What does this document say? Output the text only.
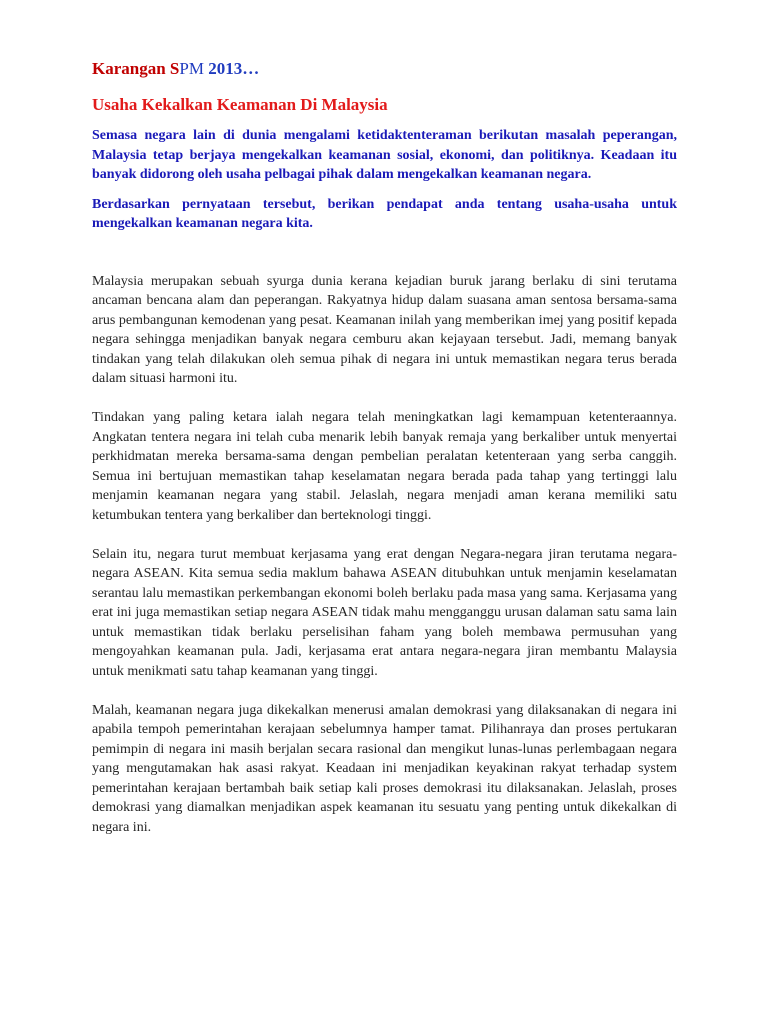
Karangan SPM 2013…
Usaha Kekalkan Keamanan Di Malaysia

Semasa negara lain di dunia mengalami ketidaktenteraman berikutan masalah peperangan, Malaysia tetap berjaya mengekalkan keamanan sosial, ekonomi, dan politiknya. Keadaan itu banyak didorong oleh usaha pelbagai pihak dalam mengekalkan keamanan negara.

Berdasarkan pernyataan tersebut, berikan pendapat anda tentang usaha-usaha untuk mengekalkan keamanan negara kita.

Malaysia merupakan sebuah syurga dunia kerana kejadian buruk jarang berlaku di sini terutama ancaman bencana alam dan peperangan. Rakyatnya hidup dalam suasana aman sentosa bersama-sama arus pembangunan kemodenan yang pesat. Keamanan inilah yang memberikan imej yang positif kepada negara sehingga menjadikan banyak negara cemburu akan kejayaan tersebut. Jadi, memang banyak tindakan yang telah dilakukan oleh semua pihak di negara ini untuk memastikan negara terus berada dalam situasi harmoni itu.

Tindakan yang paling ketara ialah negara telah meningkatkan lagi kemampuan ketenteraannya. Angkatan tentera negara ini telah cuba menarik lebih banyak remaja yang berkaliber untuk menyertai perkhidmatan mereka bersama-sama dengan pembelian peralatan ketenteraan yang serba canggih. Semua ini bertujuan memastikan tahap keselamatan negara berada pada tahap yang tertinggi lalu menjamin keamanan negara yang stabil. Jelaslah, negara menjadi aman kerana memiliki satu ketumbukan tentera yang berkaliber dan berteknologi tinggi.

Selain itu, negara turut membuat kerjasama yang erat dengan Negara-negara jiran terutama negara-negara ASEAN. Kita semua sedia maklum bahawa ASEAN ditubuhkan untuk menjamin keselamatan serantau lalu memastikan perkembangan ekonomi boleh berlaku pada masa yang sama. Kerjasama yang erat ini juga memastikan setiap negara ASEAN tidak mahu mengganggu urusan dalaman satu sama lain untuk memastikan tidak berlaku perselisihan faham yang boleh membawa permusuhan yang mengoyahkan keamanan pula. Jadi, kerjasama erat antara negara-negara jiran membantu Malaysia untuk menikmati satu tahap keamanan yang tinggi.

Malah, keamanan negara juga dikekalkan menerusi amalan demokrasi yang dilaksanakan di negara ini apabila tempoh pemerintahan kerajaan sebelumnya hamper tamat. Pilihanraya dan proses pertukaran pemimpin di negara ini masih berjalan secara rasional dan mengikut lunas-lunas perlembagaan negara yang mengutamakan hak asasi rakyat. Keadaan ini menjadikan keyakinan rakyat terhadap system pemerintahan kerajaan bertambah baik setiap kali proses demokrasi itu dilaksanakan. Jelaslah, proses demokrasi yang diamalkan menjadikan aspek keamanan itu sesuatu yang penting untuk dikekalkan di negara ini.
